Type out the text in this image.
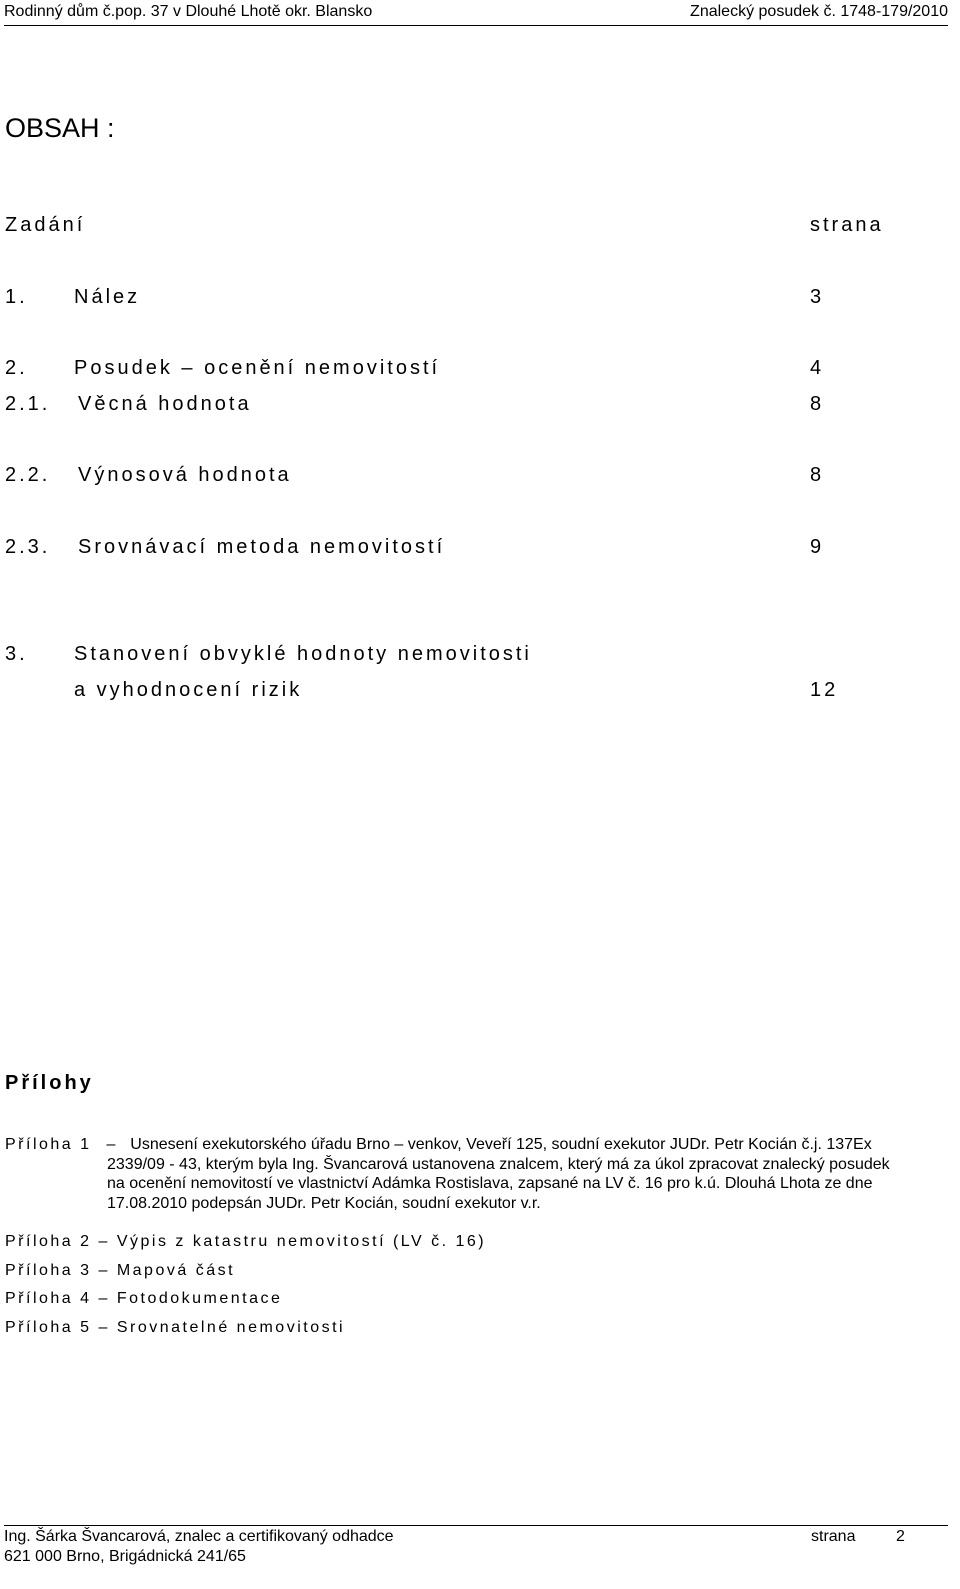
Rodinný dům č.pop. 37 v Dlouhé Lhotě okr. Blansko	Znalecký posudek č. 1748-179/2010
OBSAH :
Zadání	strana
1. Nález	3
2. Posudek – ocenění nemovitostí	4
2.1. Věcná hodnota	8
2.2. Výnosová hodnota	8
2.3. Srovnávací metoda nemovitostí	9
3. Stanovení obvyklé hodnoty nemovitosti
a vyhodnocení rizik	12
Přílohy
Příloha 1 – Usnesení exekutorského úřadu Brno – venkov, Veveří 125, soudní exekutor JUDr. Petr Kocián č.j. 137Ex
2339/09 - 43, kterým byla Ing. Švancarová ustanovena znalcem, který má za úkol zpracovat znalecký posudek
na ocenění nemovitostí ve vlastnictví Adámka Rostislava, zapsané na LV č. 16 pro k.ú. Dlouhá Lhota ze dne
17.08.2010 podepsán JUDr. Petr Kocián, soudní exekutor v.r.
Příloha 2 – Výpis z katastru nemovitostí (LV č. 16)
Příloha 3 – Mapová část
Příloha 4 – Fotodokumentace
Příloha 5 – Srovnatelné nemovitosti
Ing. Šárka Švancarová, znalec a certifikovaný odhadce
621 000 Brno, Brigádnická 241/65
strana	2
